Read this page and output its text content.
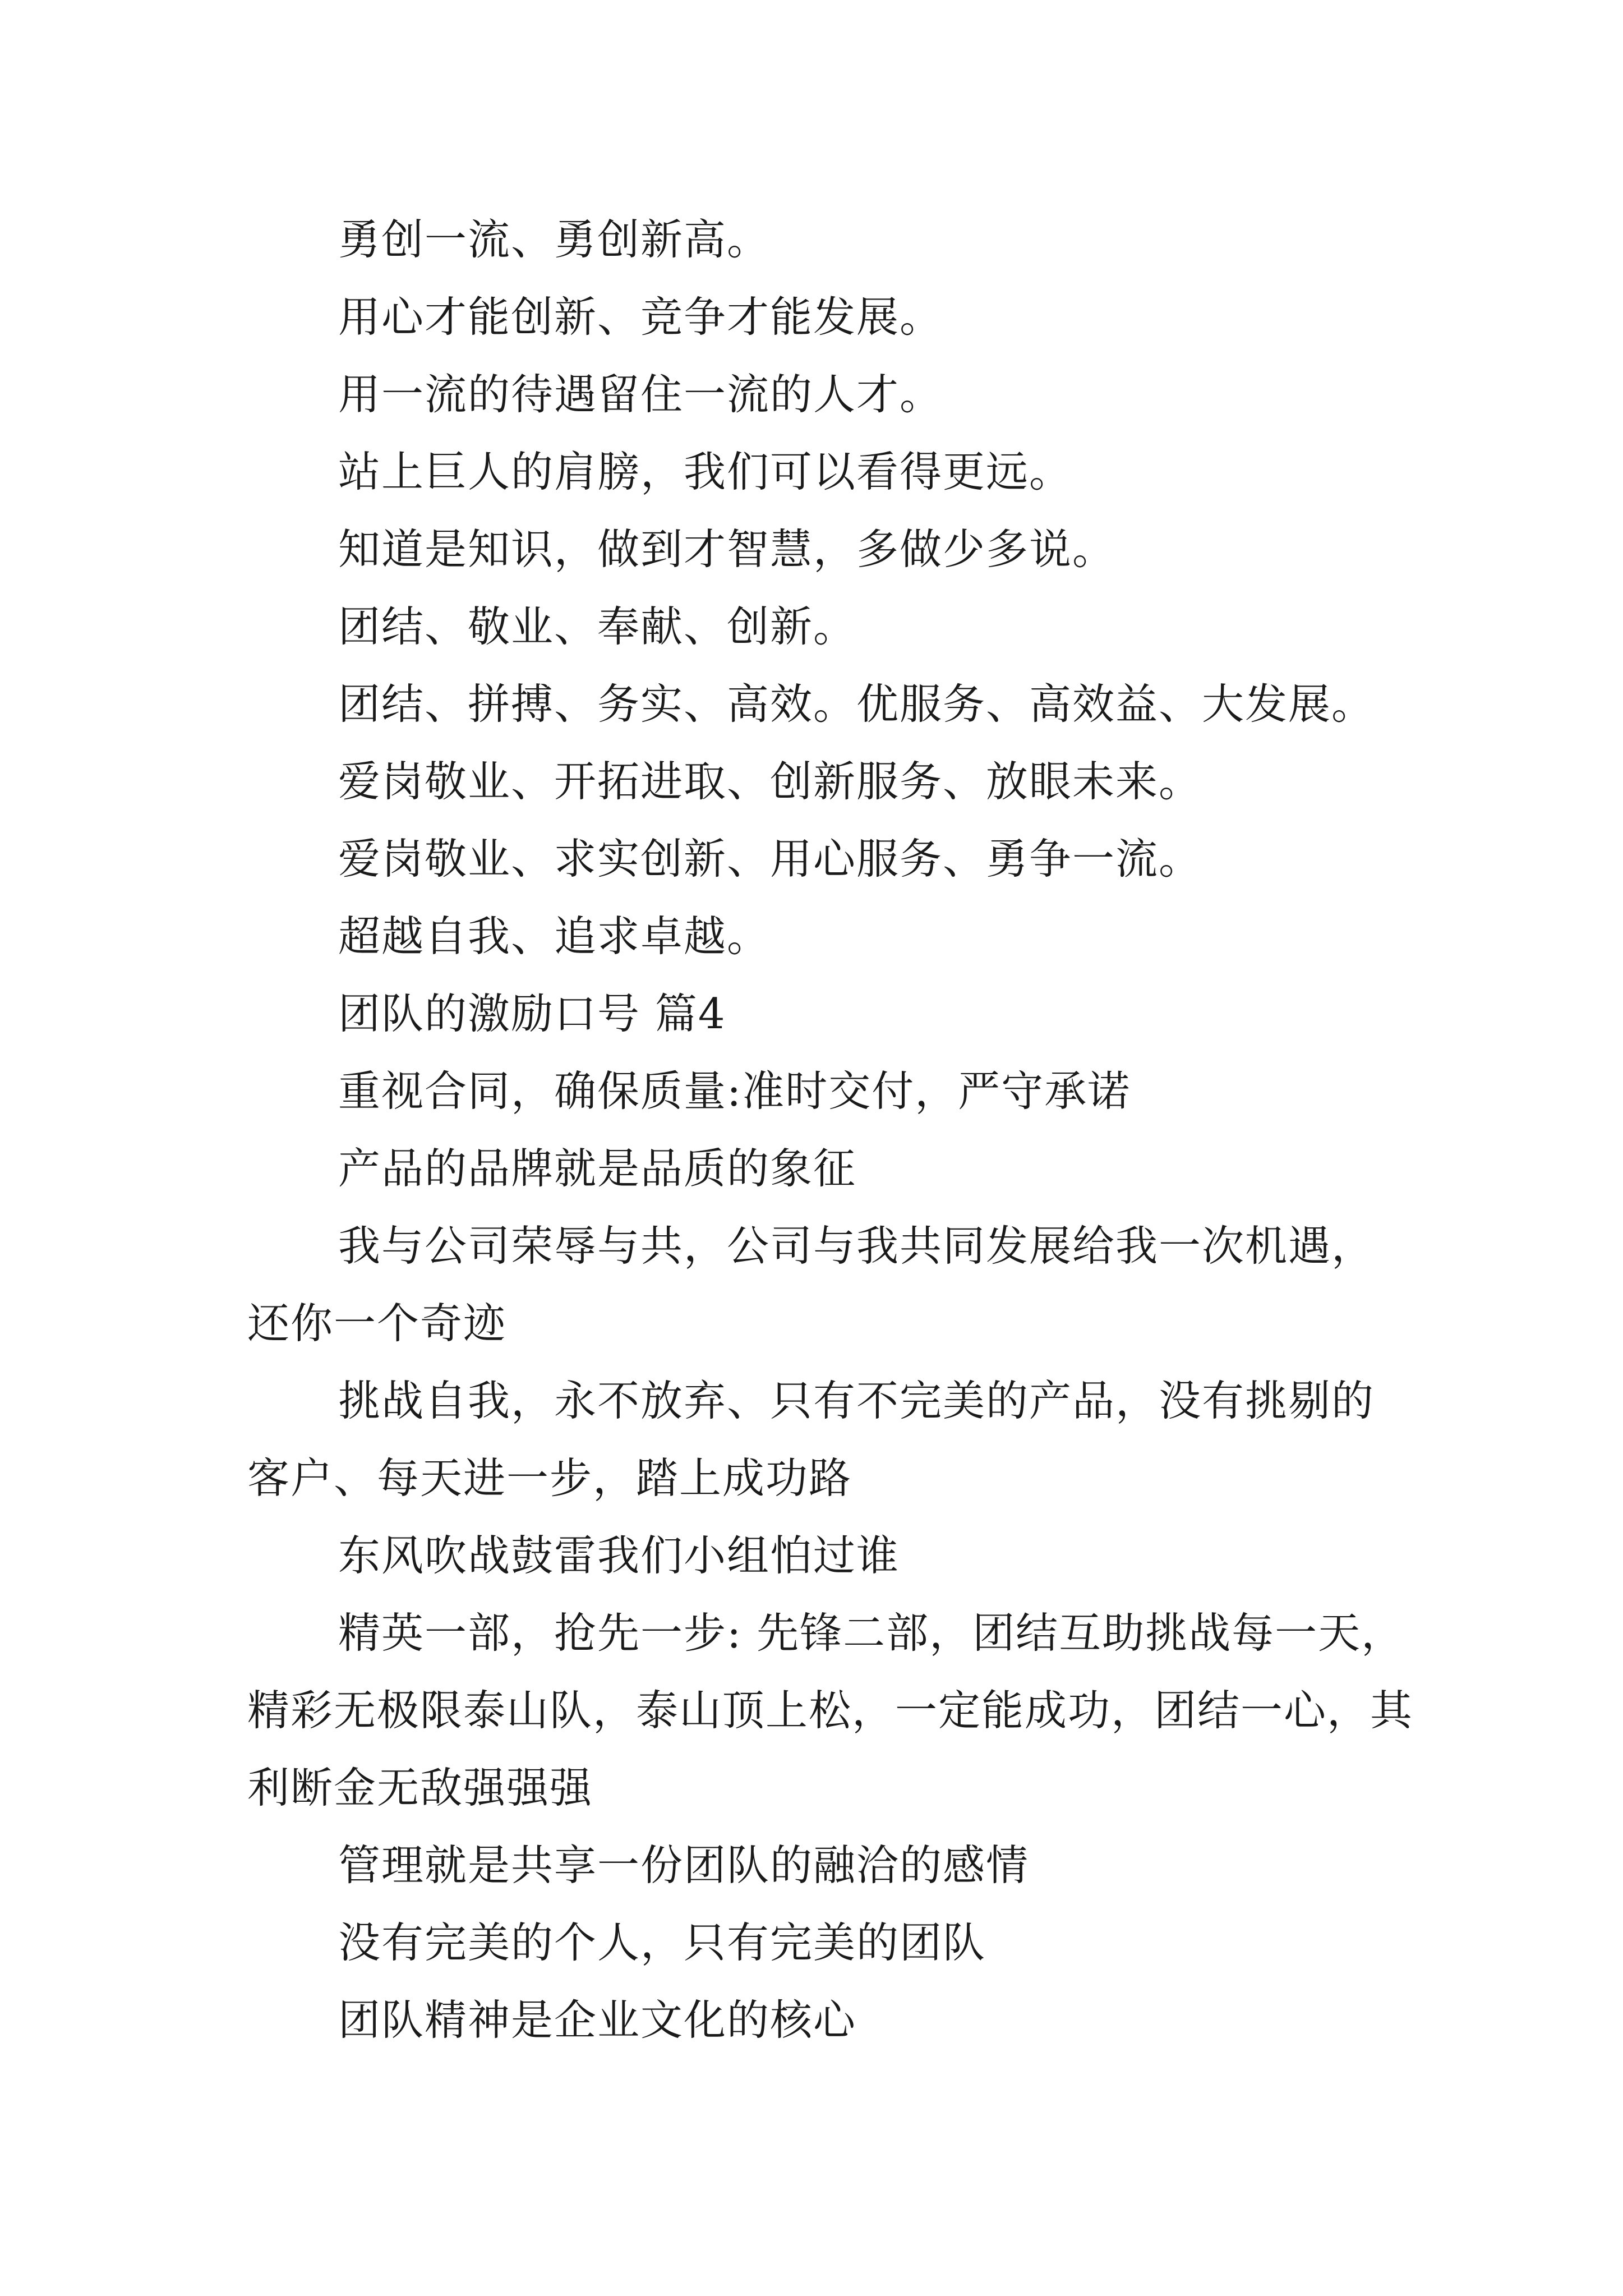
勇创一流、勇创新高。

用心才能创新、竞争才能发展。

用一流的待遇留住一流的人才。

站上巨人的肩膀，我们可以看得更远。

知道是知识，做到才智慧，多做少多说。

团结、敬业、奉献、创新。

团结、拼搏、务实、高效。优服务、高效益、大发展。

爱岗敬业、开拓进取、创新服务、放眼未来。

爱岗敬业、求实创新、用心服务、勇争一流。

超越自我、追求卓越。

团队的激励口号 篇4

重视合同，确保质量:准时交付，严守承诺

产品的品牌就是品质的象征

我与公司荣辱与共，公司与我共同发展给我一次机遇，还你一个奇迹

挑战自我，永不放弃、只有不完美的产品，没有挑剔的客户、每天进一步，踏上成功路

东风吹战鼓雷我们小组怕过谁

精英一部，抢先一步: 先锋二部，团结互助挑战每一天，精彩无极限泰山队，泰山顶上松，一定能成功，团结一心，其利断金无敌强强强

管理就是共享一份团队的融洽的感情

没有完美的个人，只有完美的团队

团队精神是企业文化的核心
